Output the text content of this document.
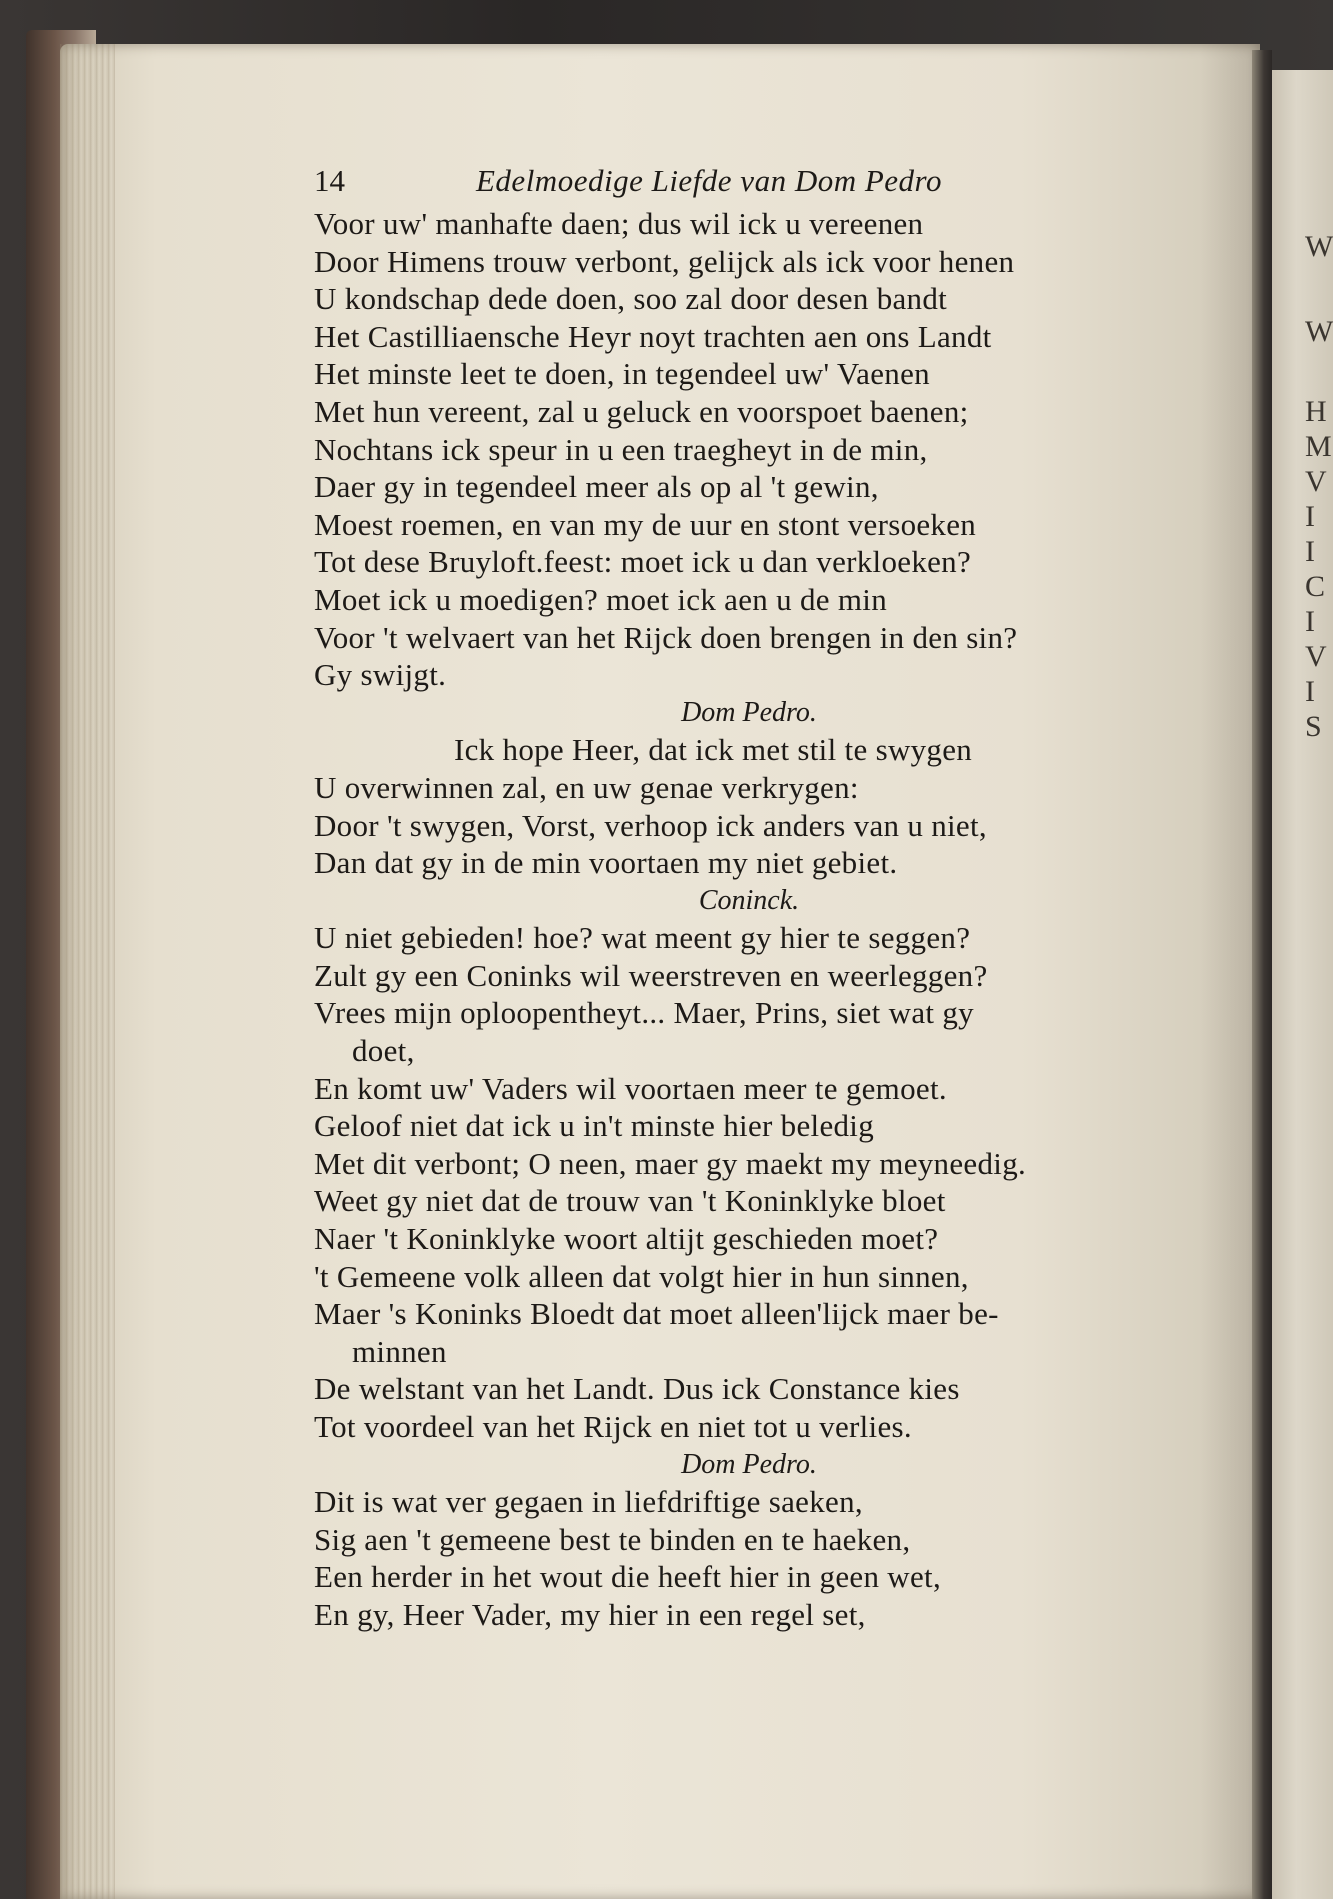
W
W
H
M
V
I
I
C
I
V
I
S
14	Edelmoedige Liefde van Dom Pedro
Voor uw' manhafte daen; dus wil ick u vereenen
Door Himens trouw verbont, gelijck als ick voor henen
U kondschap dede doen, soo zal door desen bandt
Het Castilliaensche Heyr noyt trachten aen ons Landt
Het minste leet te doen, in tegendeel uw' Vaenen
Met hun vereent, zal u geluck en voorspoet baenen;
Nochtans ick speur in u een traegheyt in de min,
Daer gy in tegendeel meer als op al 't gewin,
Moest roemen, en van my de uur en stont versoeken
Tot dese Bruyloft.feest: moet ick u dan verkloeken?
Moet ick u moedigen? moet ick aen u de min
Voor 't welvaert van het Rijck doen brengen in den sin?
Gy swijgt.
Dom Pedro.
Ick hope Heer, dat ick met stil te swygen
U overwinnen zal, en uw genae verkrygen:
Door 't swygen, Vorst, verhoop ick anders van u niet,
Dan dat gy in de min voortaen my niet gebiet.
Coninck.
U niet gebieden! hoe? wat meent gy hier te seggen?
Zult gy een Coninks wil weerstreven en weerleggen?
Vrees mijn oploopentheyt... Maer, Prins, siet wat gy
doet,
En komt uw' Vaders wil voortaen meer te gemoet.
Geloof niet dat ick u in't minste hier beledig
Met dit verbont; O neen, maer gy maekt my meyneedig.
Weet gy niet dat de trouw van 't Koninklyke bloet
Naer 't Koninklyke woort altijt geschieden moet?
't Gemeene volk alleen dat volgt hier in hun sinnen,
Maer 's Koninks Bloedt dat moet alleen'lijck maer be-
minnen
De welstant van het Landt. Dus ick Constance kies
Tot voordeel van het Rijck en niet tot u verlies.
Dom Pedro.
Dit is wat ver gegaen in liefdriftige saeken,
Sig aen 't gemeene best te binden en te haeken,
Een herder in het wout die heeft hier in geen wet,
En gy, Heer Vader, my hier in een regel set,
